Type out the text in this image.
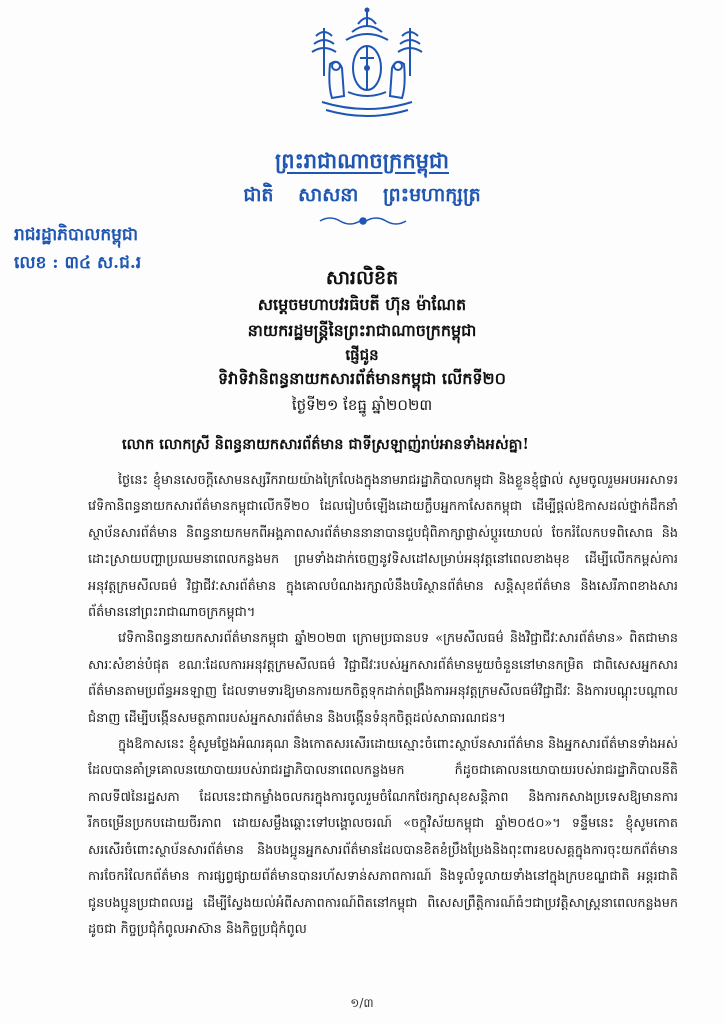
ព្រះរាជាណាចក្រកម្ពុជា
ជាតិ សាសនា ព្រះមហាក្សត្រ
រាជរដ្ឋាភិបាលកម្ពុជា
លេខ : ៣៤ ស.ជ.រ
សារលិខិត
សម្ដេចមហាបវរធិបតី ហ៊ុន ម៉ាណែត
នាយករដ្ឋមន្ត្រីនៃព្រះរាជាណាចក្រកម្ពុជា
ផ្ញើជូន
ទិវាទិវានិពន្ធនាយកសារព័ត៌មានកម្ពុជា លើកទី២០
ថ្ងៃទី២១ ខែធ្នូ ឆ្នាំ២០២៣
លោក លោកស្រី និពន្ធនាយកសារព័ត៌មាន ជាទីស្រឡាញ់រាប់អានទាំងអស់គ្នា!

ថ្ងៃនេះ ខ្ញុំមានសេចក្តីសោមនស្សរីករាយយ៉ាងក្រៃលែងក្នុងនាមរាជរដ្ឋាភិបាលកម្ពុជា និងខ្លួនខ្ញុំផ្ទាល់ សូមចូលរួមអបអរសាទរវេទិកានិពន្ធនាយកសារព័ត៌មានកម្ពុជាលើកទី២០ ដែលរៀបចំឡើងដោយក្លឹបអ្នកកាសែតកម្ពុជា ដើម្បីផ្តល់ឱកាសដល់ថ្នាក់ដឹកនាំស្ថាប័នសារព័ត៌មាន និពន្ធនាយកមកពីអង្គភាពសារព័ត៌មាននានាបានជួបជុំពិភាក្សាផ្លាស់ប្តូរយោបល់ ចែករំលែកបទពិសោធ និងដោះស្រាយបញ្ហាប្រឈមនាពេលកន្លងមក ព្រមទាំងដាក់ចេញនូវទិសដៅសម្រាប់អនុវត្តនៅពេលខាងមុខ ដើម្បីលើកកម្ពស់ការអនុវត្តក្រមសីលធម៌ វិជ្ជាជីវៈសារព័ត៌មាន ក្នុងគោលបំណងរក្សាលំនឹងបរិស្ថានព័ត៌មាន សន្តិសុខព័ត៌មាន និងសេរីភាពខាងសារព័ត៌មាននៅព្រះរាជាណាចក្រកម្ពុជា។

វេទិកានិពន្ធនាយកសារព័ត៌មានកម្ពុជា ឆ្នាំ២០២៣ ក្រោមប្រធានបទ «ក្រមសីលធម៌ និងវិជ្ជាជីវៈសារព័ត៌មាន» ពិតជាមានសារៈសំខាន់បំផុត ខណៈដែលការអនុវត្តក្រមសីលធម៌ វិជ្ជាជីវៈរបស់អ្នកសារព័ត៌មានមួយចំនួននៅមានកម្រិត ជាពិសេសអ្នកសារព័ត៌មានតាមប្រព័ន្ធអនឡាញ ដែលទាមទារឱ្យមានការយកចិត្តទុកដាក់ពង្រឹងការអនុវត្តក្រមសីលធម៌វិជ្ជាជីវៈ និងការបណ្តុះបណ្តាលជំនាញ ដើម្បីបង្កើនសមត្ថភាពរបស់អ្នកសារព័ត៌មាន និងបង្កើនទំនុកចិត្តដល់សាធារណជន។

ក្នុងឱកាសនេះ ខ្ញុំសូមថ្លែងអំណរគុណ និងកោតសរសើរដោយស្មោះចំពោះស្ថាប័នសារព័ត៌មាន និងអ្នកសារព័ត៌មានទាំងអស់ ដែលបានគាំទ្រគោលនយោបាយរបស់រាជរដ្ឋាភិបាលនាពេលកន្លងមក ក៏ដូចជាគោលនយោបាយរបស់រាជរដ្ឋាភិបាលនីតិកាលទី៧នៃរដ្ឋសភា ដែលនេះជាកម្លាំងចលករក្នុងការចូលរួមចំណែកថែរក្សាសុខសន្តិភាព និងការកសាងប្រទេសឱ្យមានការរីកចម្រើនប្រកបដោយចីរភាព ដោយសម្លឹងឆ្ពោះទៅបង្គោលចរណ៍ «ចក្ខុវិស័យកម្ពុជា ឆ្នាំ២០៥០»។ ទន្ទឹមនេះ ខ្ញុំសូមកោតសរសើរចំពោះស្ថាប័នសារព័ត៌មាន និងបងប្អូនអ្នកសារព័ត៌មានដែលបានខិតខំប្រឹងប្រែងនិងពុះពារឧបសគ្គក្នុងការចុះយកព័ត៌មាន ការចែករំលែកព័ត៌មាន ការផ្សព្វផ្សាយព័ត៌មានបានរហ័សទាន់សភាពការណ៍ និងទូលំទូលាយទាំងនៅក្នុងក្របខណ្ឌជាតិ អន្តរជាតិ ជូនបងប្អូនប្រជាពលរដ្ឋ ដើម្បីស្វែងយល់អំពីសភាពការណ៍ពិតនៅកម្ពុជា ពិសេសព្រឹត្តិការណ៍ធំៗជាប្រវត្តិសាស្ត្រនាពេលកន្លងមកដូចជា កិច្ចប្រជុំកំពូលអាស៊ាន និងកិច្ចប្រជុំកំពូល

១/៣
